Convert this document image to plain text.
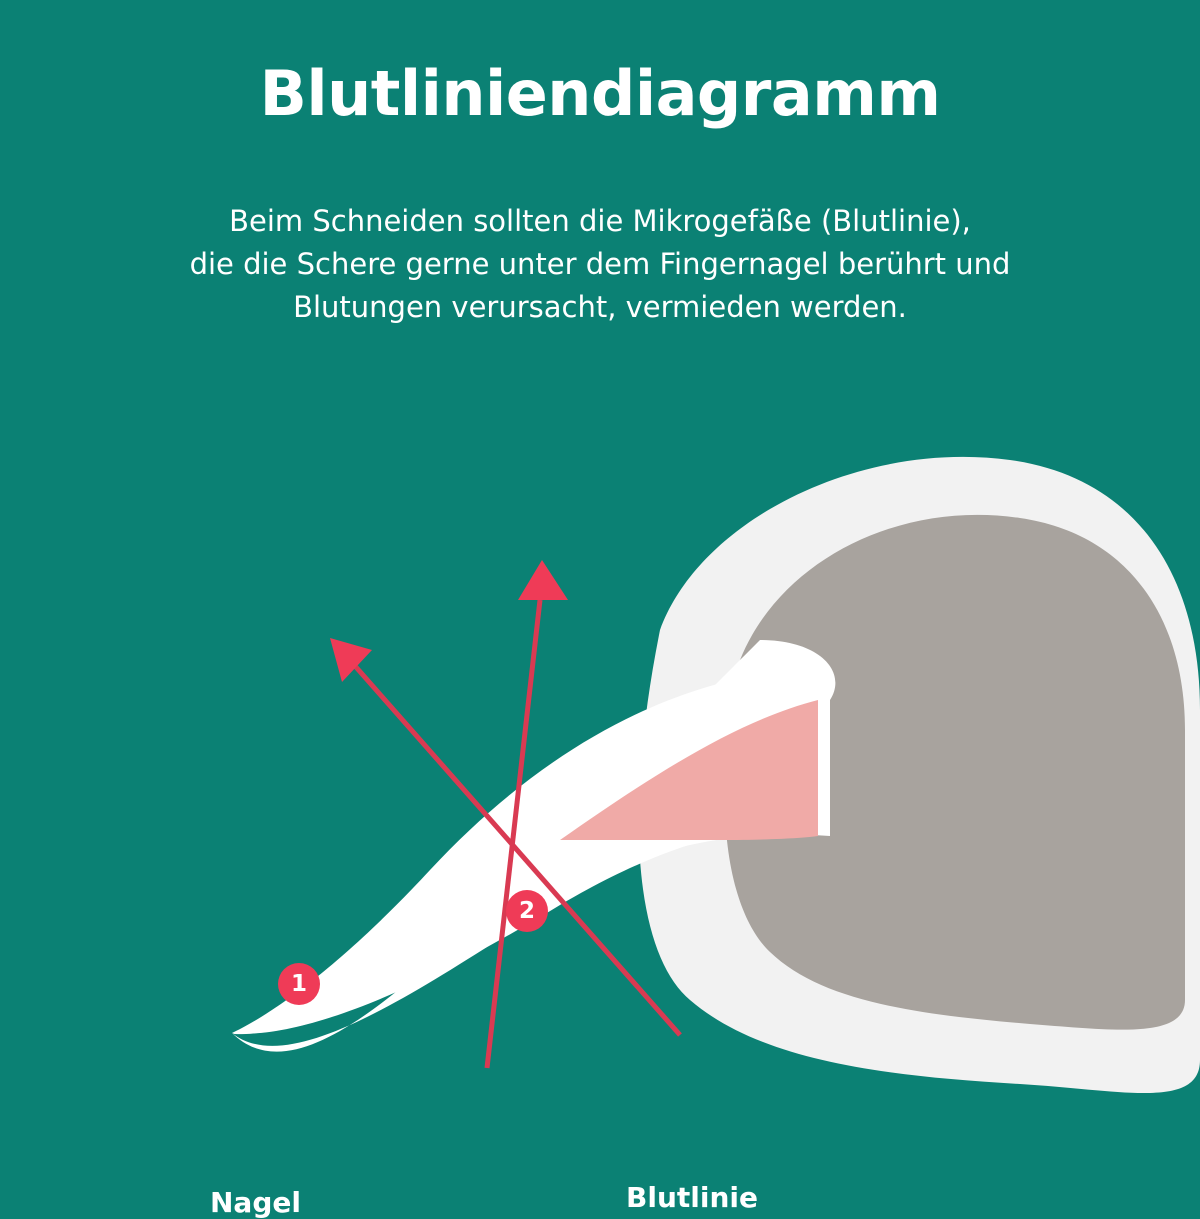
Blutliniendiagramm
Beim Schneiden sollten die Mikrogefäße (Blutlinie),
die die Schere gerne unter dem Fingernagel berührt und
Blutungen verursacht, vermieden werden.
Nagel	Blutlinie
1
2
